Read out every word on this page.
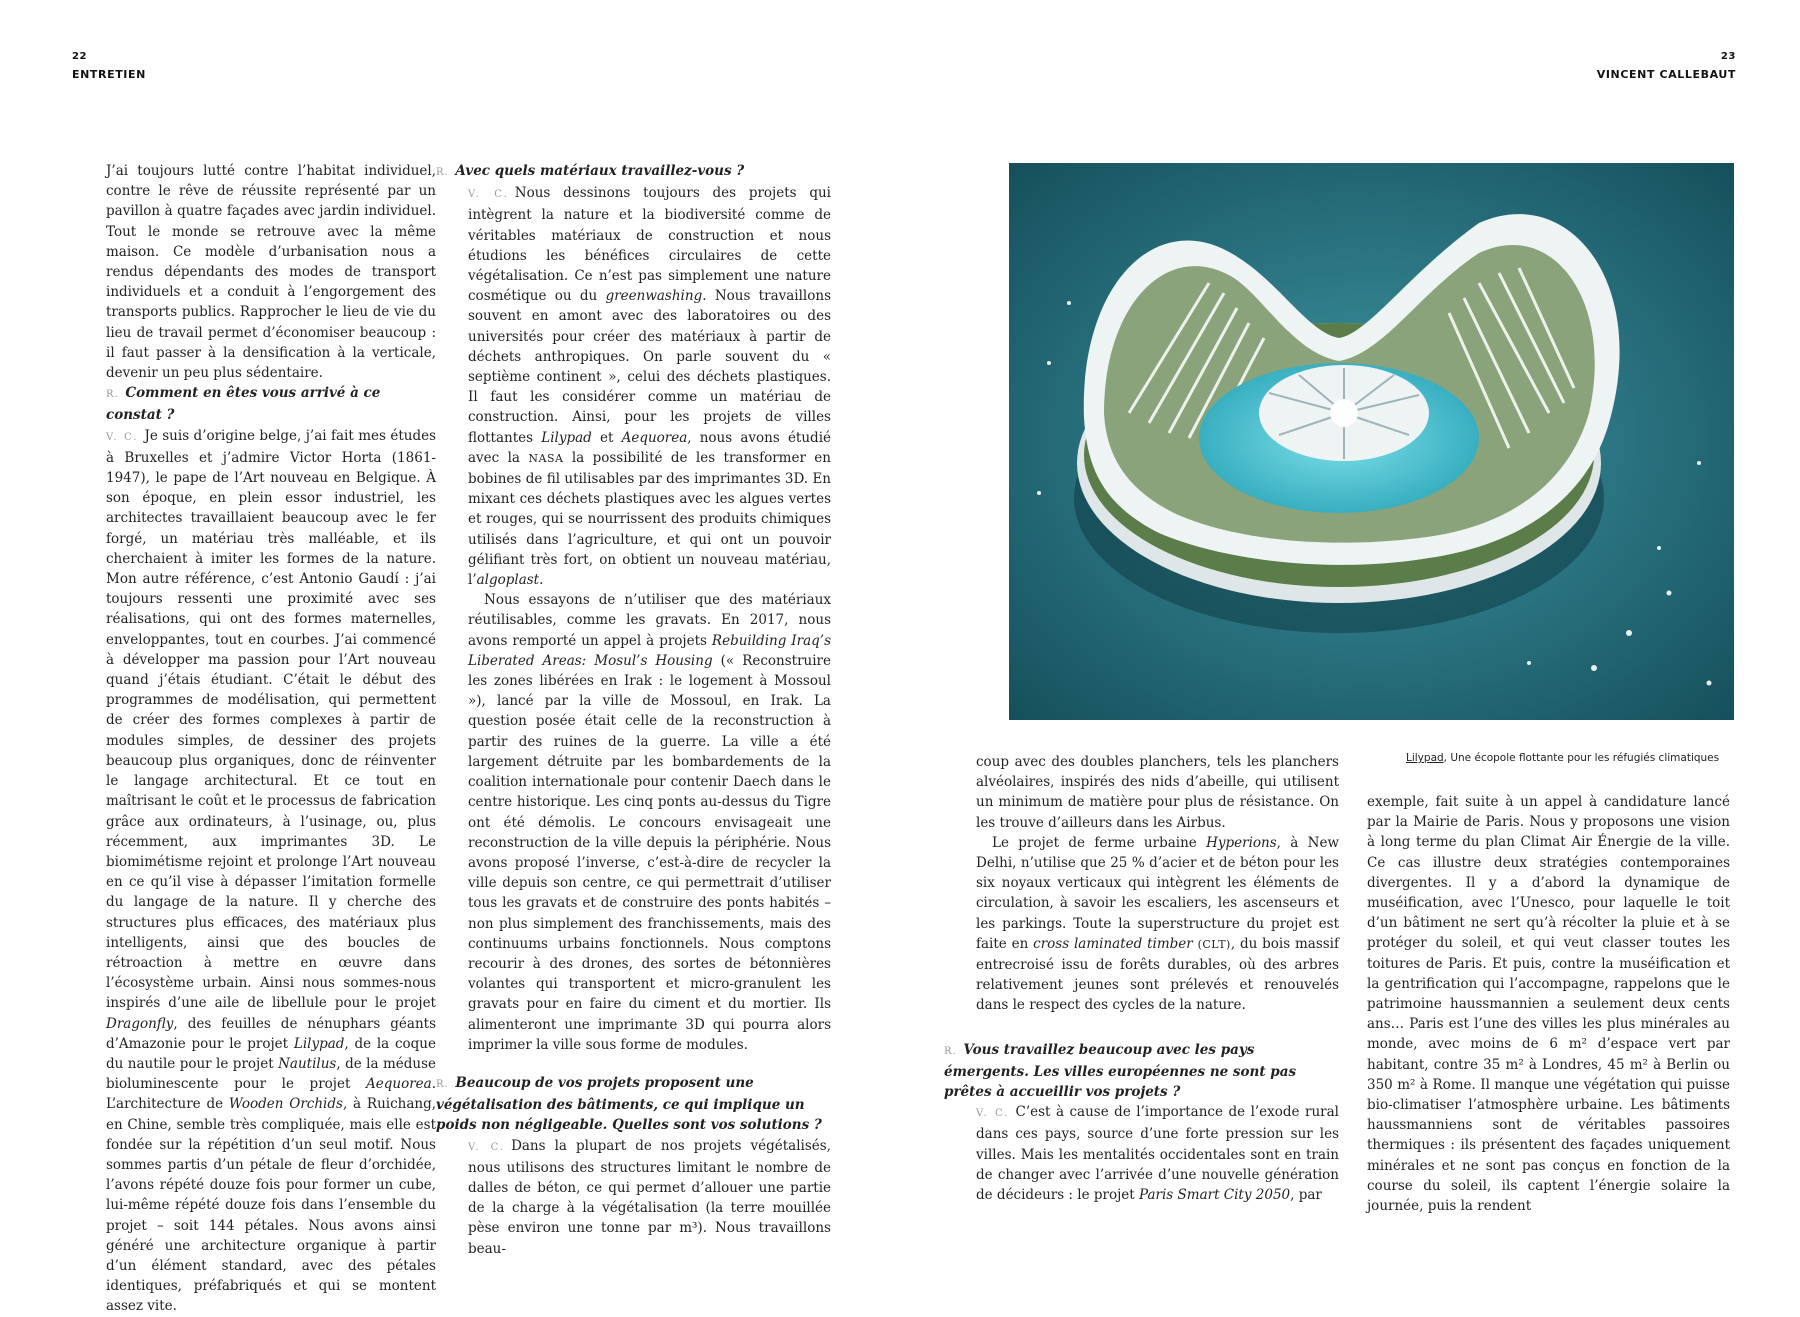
22
ENTRETIEN
23
VINCENT CALLEBAUT

J’ai toujours lutté contre l’habitat individuel, contre le rêve de réussite représenté par un pavillon à quatre façades avec jardin individuel. Tout le monde se retrouve avec la même maison. Ce modèle d’urbanisation nous a rendus dépendants des modes de transport individuels et a conduit à l’engorgement des transports publics. Rapprocher le lieu de vie du lieu de travail permet d’économiser beaucoup : il faut passer à la densification à la verticale, devenir un peu plus sédentaire.

R. Comment en êtes vous arrivé à ce constat ?

V. C. Je suis d’origine belge, j’ai fait mes études à Bruxelles et j’admire Victor Horta (1861-1947), le pape de l’Art nouveau en Belgique. À son époque, en plein essor industriel, les architectes travaillaient beaucoup avec le fer forgé, un matériau très malléable, et ils cherchaient à imiter les formes de la nature. Mon autre référence, c’est Antonio Gaudí : j’ai toujours ressenti une proximité avec ses réalisations, qui ont des formes maternelles, enveloppantes, tout en courbes. J’ai commencé à développer ma passion pour l’Art nouveau quand j’étais étudiant. C’était le début des programmes de modélisation, qui permettent de créer des formes complexes à partir de modules simples, de dessiner des projets beaucoup plus organiques, donc de réinventer le langage architectural. Et ce tout en maîtrisant le coût et le processus de fabrication grâce aux ordinateurs, à l’usinage, ou, plus récemment, aux imprimantes 3D. Le biomimétisme rejoint et prolonge l’Art nouveau en ce qu’il vise à dépasser l’imitation formelle du langage de la nature. Il y cherche des structures plus efficaces, des matériaux plus intelligents, ainsi que des boucles de rétroaction à mettre en œuvre dans l’écosystème urbain. Ainsi nous sommes-nous inspirés d’une aile de libellule pour le projet Dragonfly, des feuilles de nénuphars géants d’Amazonie pour le projet Lilypad, de la coque du nautile pour le projet Nautilus, de la méduse bioluminescente pour le projet Aequorea. L’architecture de Wooden Orchids, à Ruichang, en Chine, semble très compliquée, mais elle est fondée sur la répétition d’un seul motif. Nous sommes partis d’un pétale de fleur d’orchidée, l’avons répété douze fois pour former un cube, lui-même répété douze fois dans l’ensemble du projet – soit 144 pétales. Nous avons ainsi généré une architecture organique à partir d’un élément standard, avec des pétales identiques, préfabriqués et qui se montent assez vite.

R. Avec quels matériaux travaillez-vous ?

V. C. Nous dessinons toujours des projets qui intègrent la nature et la biodiversité comme de véritables matériaux de construction et nous étudions les bénéfices circulaires de cette végétalisation. Ce n’est pas simplement une nature cosmétique ou du greenwashing. Nous travaillons souvent en amont avec des laboratoires ou des universités pour créer des matériaux à partir de déchets anthropiques. On parle souvent du « septième continent », celui des déchets plastiques. Il faut les considérer comme un matériau de construction. Ainsi, pour les projets de villes flottantes Lilypad et Aequorea, nous avons étudié avec la NASA la possibilité de les transformer en bobines de fil utilisables par des imprimantes 3D. En mixant ces déchets plastiques avec les algues vertes et rouges, qui se nourrissent des produits chimiques utilisés dans l’agriculture, et qui ont un pouvoir gélifiant très fort, on obtient un nouveau matériau, l’algoplast.

Nous essayons de n’utiliser que des matériaux réutilisables, comme les gravats. En 2017, nous avons remporté un appel à projets Rebuilding Iraq’s Liberated Areas: Mosul’s Housing (« Reconstruire les zones libérées en Irak : le logement à Mossoul »), lancé par la ville de Mossoul, en Irak. La question posée était celle de la reconstruction à partir des ruines de la guerre. La ville a été largement détruite par les bombardements de la coalition internationale pour contenir Daech dans le centre historique. Les cinq ponts au-dessus du Tigre ont été démolis. Le concours envisageait une reconstruction de la ville depuis la périphérie. Nous avons proposé l’inverse, c’est-à-dire de recycler la ville depuis son centre, ce qui permettrait d’utiliser tous les gravats et de construire des ponts habités – non plus simplement des franchissements, mais des continuums urbains fonctionnels. Nous comptons recourir à des drones, des sortes de bétonnières volantes qui transportent et micro-granulent les gravats pour en faire du ciment et du mortier. Ils alimenteront une imprimante 3D qui pourra alors imprimer la ville sous forme de modules.

R. Beaucoup de vos projets proposent une végétalisation des bâtiments, ce qui implique un poids non négligeable. Quelles sont vos solutions ?

V. C. Dans la plupart de nos projets végétalisés, nous utilisons des structures limitant le nombre de dalles de béton, ce qui permet d’allouer une partie de la charge à la végétalisation (la terre mouillée pèse environ une tonne par m³). Nous travaillons beau-

Lilypad, Une écopole flottante pour les réfugiés climatiques

coup avec des doubles planchers, tels les planchers alvéolaires, inspirés des nids d’abeille, qui utilisent un minimum de matière pour plus de résistance. On les trouve d’ailleurs dans les Airbus.

Le projet de ferme urbaine Hyperions, à New Delhi, n’utilise que 25 % d’acier et de béton pour les six noyaux verticaux qui intègrent les éléments de circulation, à savoir les escaliers, les ascenseurs et les parkings. Toute la superstructure du projet est faite en cross laminated timber (CLT), du bois massif entrecroisé issu de forêts durables, où des arbres relativement jeunes sont prélevés et renouvelés dans le respect des cycles de la nature.

R. Vous travaillez beaucoup avec les pays émergents. Les villes européennes ne sont pas prêtes à accueillir vos projets ?

V. C. C’est à cause de l’importance de l’exode rural dans ces pays, source d’une forte pression sur les villes. Mais les mentalités occidentales sont en train de changer avec l’arrivée d’une nouvelle génération de décideurs : le projet Paris Smart City 2050, par

exemple, fait suite à un appel à candidature lancé par la Mairie de Paris. Nous y proposons une vision à long terme du plan Climat Air Énergie de la ville. Ce cas illustre deux stratégies contemporaines divergentes. Il y a d’abord la dynamique de muséification, avec l’Unesco, pour laquelle le toit d’un bâtiment ne sert qu’à récolter la pluie et à se protéger du soleil, et qui veut classer toutes les toitures de Paris. Et puis, contre la muséification et la gentrification qui l’accompagne, rappelons que le patrimoine haussmannien a seulement deux cents ans… Paris est l’une des villes les plus minérales au monde, avec moins de 6 m² d’espace vert par habitant, contre 35 m² à Londres, 45 m² à Berlin ou 350 m² à Rome. Il manque une végétation qui puisse bio-climatiser l’atmosphère urbaine. Les bâtiments haussmanniens sont de véritables passoires thermiques : ils présentent des façades uniquement minérales et ne sont pas conçus en fonction de la course du soleil, ils captent l’énergie solaire la journée, puis la rendent
